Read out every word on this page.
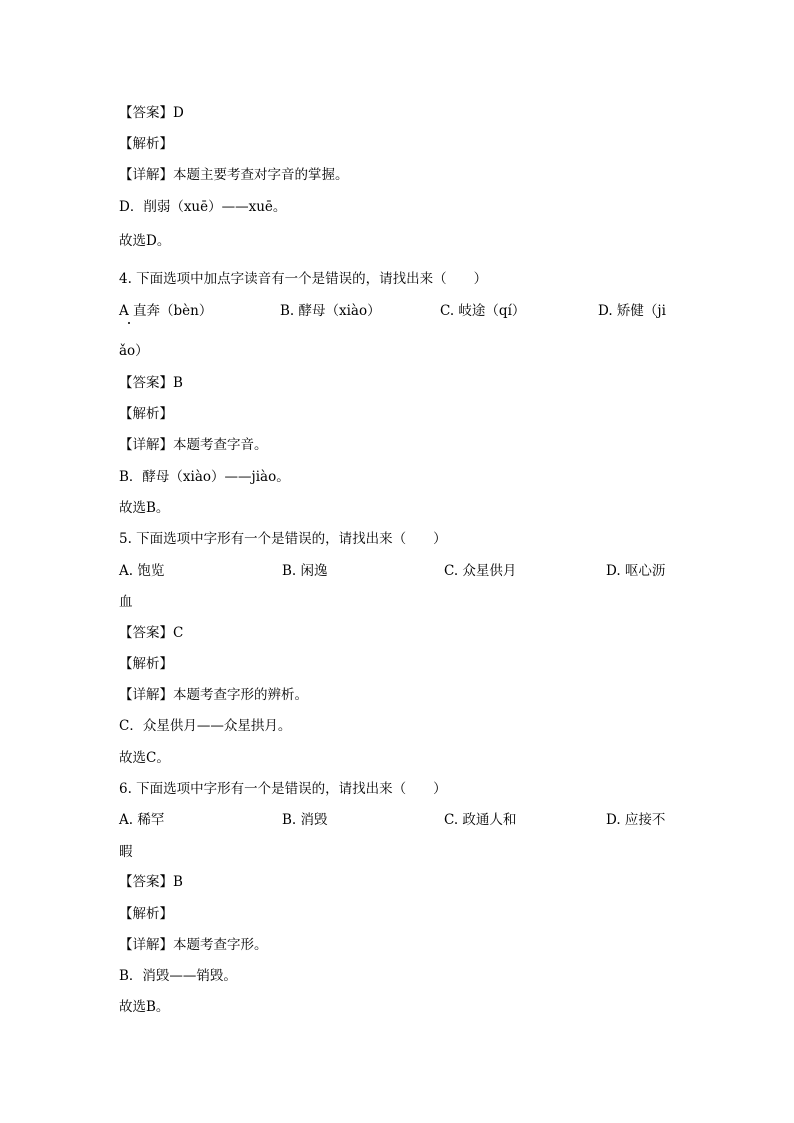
【答案】D
【解析】
【详解】本题主要考查对字音的掌握。
D．削弱（xuē）——xuē。
故选D。
4. 下面选项中加点字读音有一个是错误的，请找出来（　　）
A 直奔（bèn）	B. 酵母（xiào）	C. 岐途（qí）	D. 矫健（ji
ǎo）
【答案】B
【解析】
【详解】本题考查字音。
B．酵母（xiào）——jiào。
故选B。
5. 下面选项中字形有一个是错误的，请找出来（　　）
A. 饱览	B. 闲逸	C. 众星供月	D. 呕心沥
血
【答案】C
【解析】
【详解】本题考查字形的辨析。
C．众星供月——众星拱月。
故选C。
6. 下面选项中字形有一个是错误的，请找出来（　　）
A. 稀罕	B. 消毁	C. 政通人和	D. 应接不
暇
【答案】B
【解析】
【详解】本题考查字形。
B．消毁——销毁。
故选B。
